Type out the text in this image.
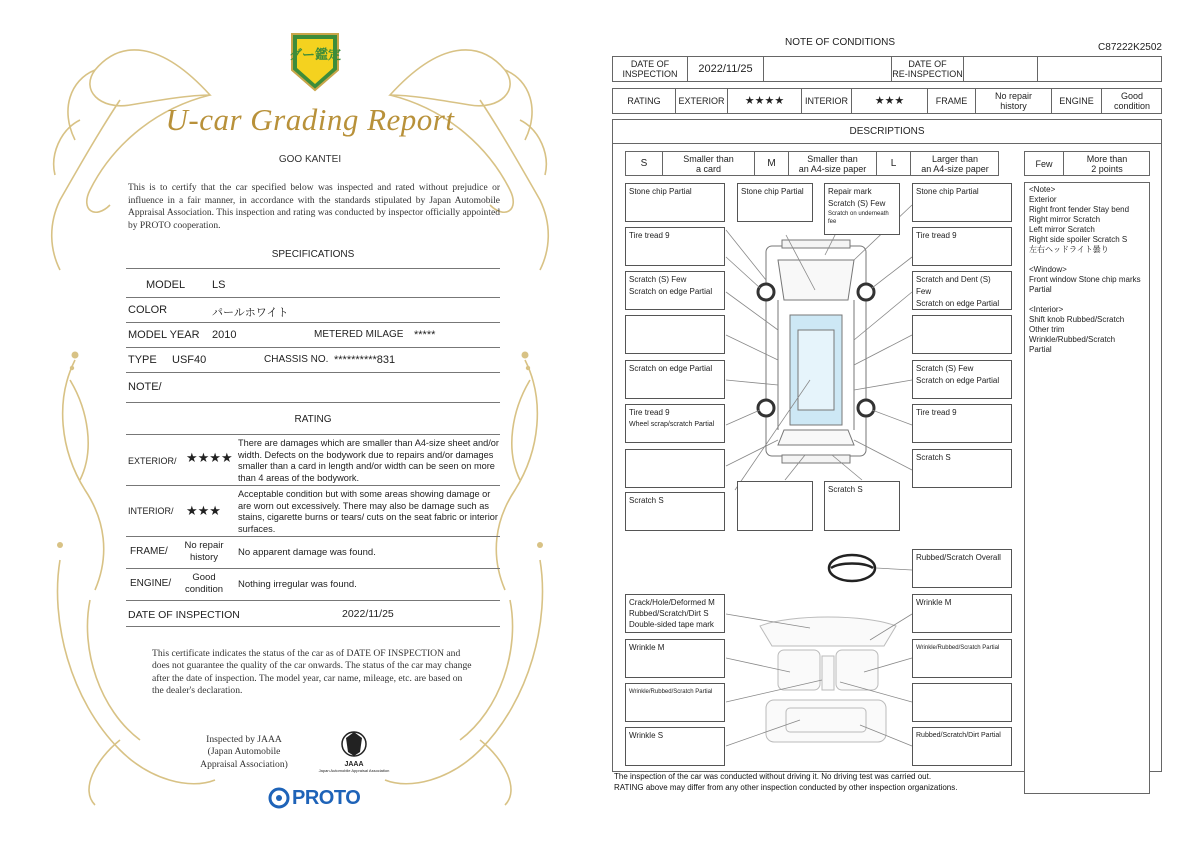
グー鑑定
U-car Grading Report
GOO KANTEI
This is to certify that the car specified below was inspected and rated without prejudice or influence in a fair manner, in accordance with the standards stipulated by Japan Automobile Appraisal Association. This inspection and rating was conducted by inspector officially appointed by PROTO cooperation.
SPECIFICATIONS
MODEL LS
COLOR	パールホワイト
MODEL YEAR 2010	METERED MILAGE *****
TYPE USF40	CHASSIS NO. **********831
NOTE/
RATING
EXTERIOR/ ★★★★
There are damages which are smaller than A4-size sheet and/or width. Defects on the bodywork due to repairs and/or damages smaller than a card in length and/or width can be seen on more than 4 areas of the bodywork.
INTERIOR/ ★★★
Acceptable condition but with some areas showing damage or are worn out excessively. There may also be damage such as stains, cigarette burns or tears/ cuts on the seat fabric or interior surfaces.
FRAME/
No repair
history	No apparent damage was found.
ENGINE/
Good
condition	Nothing irregular was found.
DATE OF INSPECTION	2022/11/25
This certificate indicates the status of the car as of DATE OF INSPECTION and does not guarantee the quality of the car onwards. The status of the car may change after the date of inspection. The model year, car name, mileage, etc. are based on the dealer's declaration.
Inspected by JAAA
(Japan Automobile
Appraisal Association)	JAAA
Japan Automobile Appraisal Association
PROTO
NOTE OF CONDITIONS	C87222K2502
DATE OF
INSPECTION	2022/11/25	DATE OF
RE-INSPECTION
RATING	EXTERIOR	★★★★	INTERIOR	★★★	FRAME	No repair
history	ENGINE	Good
condition
DESCRIPTIONS
S	Smaller than
a card	M	Smaller than
an A4-size paper	L	Larger than
an A4-size paper	Few	More than
2 points
<Note>
Exterior
Right front fender Stay bend
Right mirror Scratch
Left mirror Scratch
Right side spoiler Scratch S
左右ヘッドライト曇り
<Window>
Front window Stone chip marks
Partial
<Interior>
Shift knob Rubbed/Scratch
Other trim
Wrinkle/Rubbed/Scratch
Partial
Stone chip Partial	Stone chip Partial	Repair mark
Scratch (S) Few
Scratch on underneath fee
Stone chip Partial
Tire tread 9	Tire tread 9
Scratch (S) Few
Scratch on edge Partial
Scratch and Dent (S) Few
Scratch on edge Partial
Scratch on edge Partial	Scratch (S) Few
Scratch on edge Partial
Tire tread 9
Wheel scrap/scratch Partial
Tire tread 9
Scratch S
Scratch S
Scratch S
Rubbed/Scratch Overall
Crack/Hole/Deformed M
Rubbed/Scratch/Dirt S
Double-sided tape mark
Wrinkle M
Wrinkle M	Wrinkle/Rubbed/Scratch Partial
Wrinkle/Rubbed/Scratch Partial
Wrinkle S	Rubbed/Scratch/Dirt Partial
The inspection of the car was conducted without driving it. No driving test was carried out.
RATING above may differ from any other inspection conducted by other inspection organizations.
